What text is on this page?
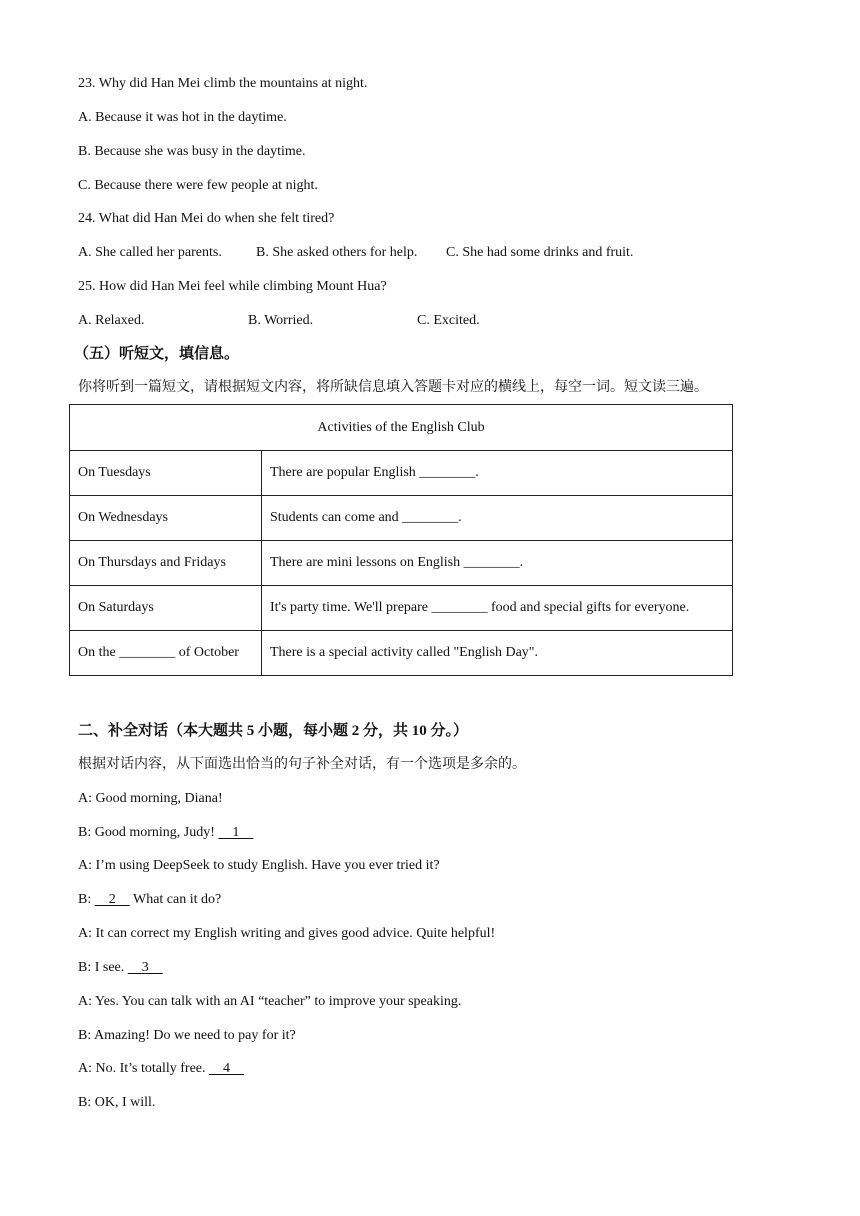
23. Why did Han Mei climb the mountains at night.
A. Because it was hot in the daytime.
B. Because she was busy in the daytime.
C. Because there were few people at night.
24. What did Han Mei do when she felt tired?
A. She called her parents. B. She asked others for help. C. She had some drinks and fruit.
25. How did Han Mei feel while climbing Mount Hua?
A. Relaxed.	B. Worried.	C. Excited.
（五）听短文，填信息。
你将听到一篇短文，请根据短文内容，将所缺信息填入答题卡对应的横线上，每空一词。短文读三遍。
Activities of the English Club	
On Tuesdays	There are popular English ________.
On Wednesdays	Students can come and ________.
On Thursdays and Fridays	There are mini lessons on English ________.
On Saturdays	It's party time. We'll prepare ________ food and special gifts for everyone.
On the ________ of October	There is a special activity called "English Day".
二、补全对话（本大题共 5 小题，每小题 2 分，共 10 分。）
根据对话内容，从下面选出恰当的句子补全对话，有一个选项是多余的。
A: Good morning, Diana!
B: Good morning, Judy!     1
A: I’m using DeepSeek to study English. Have you ever tried it?
B:     2     What can it do?
A: It can correct my English writing and gives good advice. Quite helpful!
B: I see.     3
A: Yes. You can talk with an AI “teacher” to improve your speaking.
B: Amazing! Do we need to pay for it?
A: No. It’s totally free.     4
B: OK, I will.
